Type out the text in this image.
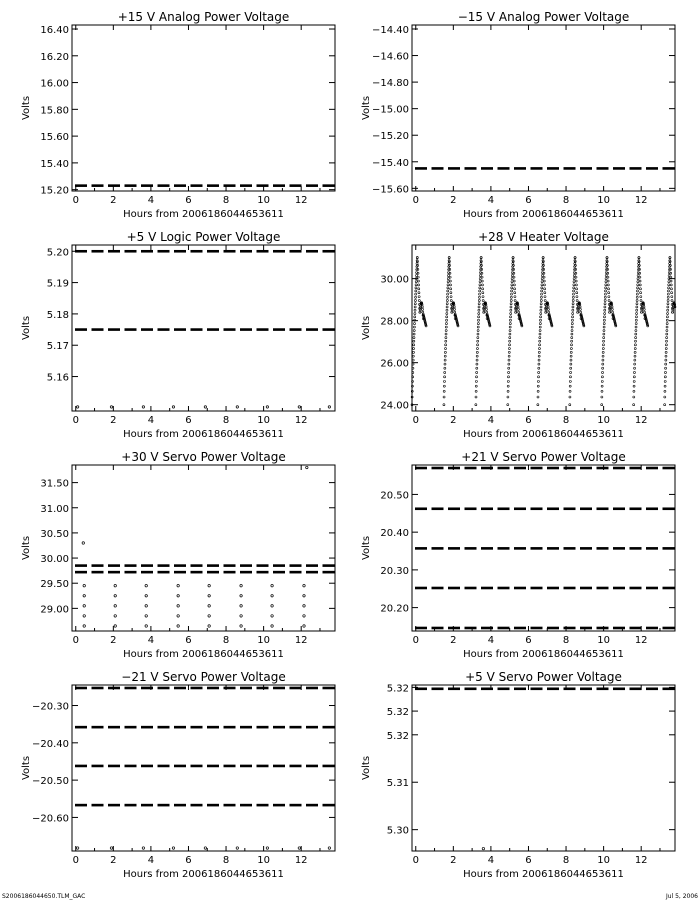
+15 V Analog Power Voltage
Hours from 2006186044653611
Volts
0	2	4	6	8	10 12
15.20
15.40
15.60
15.80
16.00
16.20
16.40
−15 V Analog Power Voltage
Hours from 2006186044653611
Volts
0	2	4	6	8	10 12
−14.40
−14.60
−14.80
−15.00
−15.20
−15.40
−15.60
+5 V Logic Power Voltage
Hours from 2006186044653611
Volts
0	2	4	6	8	10 12
5.16
5.17
5.18
5.19
5.20
+28 V Heater Voltage
Hours from 2006186044653611
Volts
0	2	4	6	8	10 12
24.00
26.00
28.00
30.00
+30 V Servo Power Voltage
Hours from 2006186044653611
Volts
0	2	4	6	8	10 12
29.00
29.50
30.00
30.50
31.00
31.50
+21 V Servo Power Voltage
Hours from 2006186044653611
Volts
0	2	4	6	8	10 12
20.20
20.30
20.40
20.50
−21 V Servo Power Voltage
Hours from 2006186044653611
Volts
0	2	4	6	8	10 12
−20.30
−20.40
−20.50
−20.60
+5 V Servo Power Voltage
Hours from 2006186044653611
Volts
0	2	4	6	8	10 12
5.30
5.31
5.32
5.32
5.32
S2006186044650.TLM_GAC	Jul 5, 2006
